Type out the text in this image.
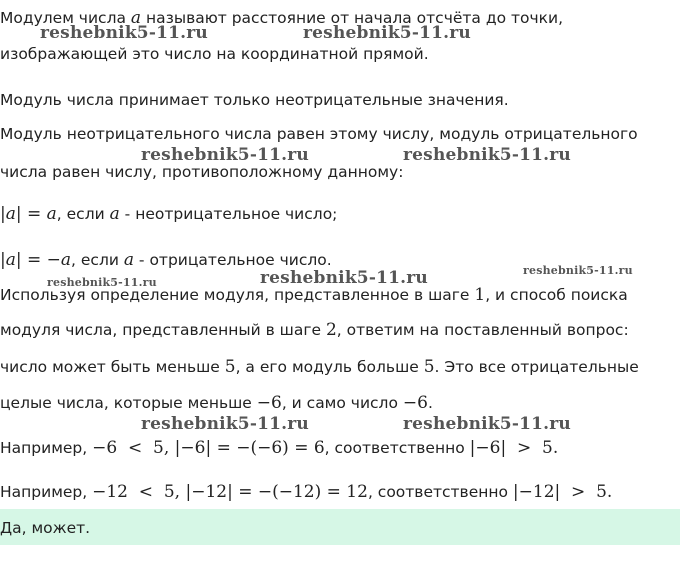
Модулем числа a называют расстояние от начала отсчёта до точки,
изображающей это число на координатной прямой.
Модуль числа принимает только неотрицательные значения.
Модуль неотрицательного числа равен этому числу, модуль отрицательного
числа равен числу, противоположному данному:
|a| = a, если a - неотрицательное число;
|a| = −a, если a - отрицательное число.
Используя определение модуля, представленное в шаге 1, и способ поиска
модуля числа, представленный в шаге 2, ответим на поставленный вопрос:
число может быть меньше 5, а его модуль больше 5. Это все отрицательные
целые числа, которые меньше −6, и само число −6.
Например, −6  <  5, |−6| = −(−6) = 6, соответственно |−6|  >  5.
Например, −12  <  5, |−12| = −(−12) = 12, соответственно |−12|  >  5.
Да, может.
reshebnik5-11.ru	reshebnik5-11.ru
reshebnik5-11.ru	reshebnik5-11.ru
reshebnik5-11.ru	reshebnik5-11.ru	reshebnik5-11.ru
reshebnik5-11.ru	reshebnik5-11.ru
